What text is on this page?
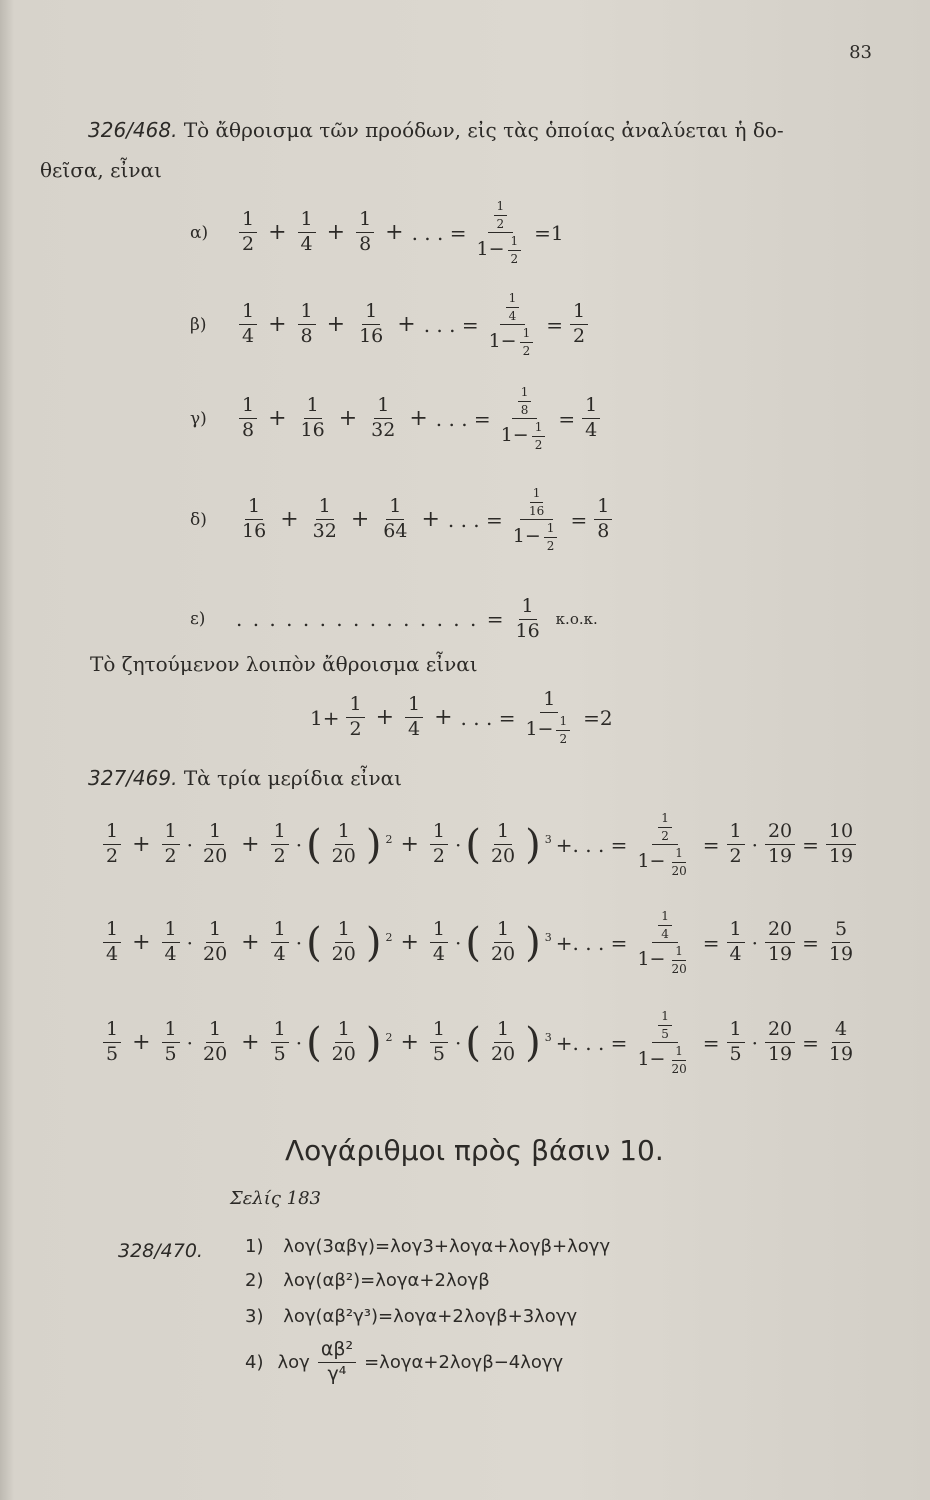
83
326/468. Τὸ ἄθροισμα τῶν προόδων, εἰς τὰς ὁποίας ἀναλύεται ἡ δο-
θεῖσα, εἶναι
α)
1
$2 + \frac{1}{4} + \frac{1}{8}$ + . . . = $\frac{\frac{1}{2}}{1- \frac{1}{2}} =1$
β)
1
$4 + \frac{1}{8} + \frac{1}{16}$ + . . . = $\frac{\frac{1}{4}}{1- \frac{1}{2}} = \frac{1}{2}$
γ)
1
$8 + \frac{1}{16} + \frac{1}{32}$ + . . . = $\frac{\frac{1}{8}}{1- \frac{1}{2}} = \frac{1}{4}$
δ)
1
$16 + \frac{1}{32} + \frac{1}{64}$ + . . . = $\frac{\frac{1}{16}}{1- \frac{1}{2}} = \frac{1}{8}$
ε)	. . . . . . . . . . . . . . . = $\frac{1}{16} \kappa.o.\kappa$.
Τὸ ζητούμενον λοιπὸν ἄθροισμα εἶναι
$1+ \frac{1}{2} + \frac{1}{4}$ + . . . = $\frac{1}{1- \frac{1}{2}} =2$
327/469. Τὰ τρία μερίδια εἶναι
1
$2 + \frac{1}{2}$ ·
1
$20 + \frac{1}{2}$ · ( 1
20 ) $2 + \frac{1}{2}$ · ( 1
20 ) 3 +. . . = $\frac{\frac{1}{2}}{1- \frac{1}{20}} = \frac{1}{2} \cdot \frac{20}{19} = \frac{10}{19}$
1
$4 + \frac{1}{4}$ ·
1
$20 + \frac{1}{4}$ · ( 1
20 ) $2 + \frac{1}{4}$ · ( 1
20 ) 3 +. . . = $\frac{\frac{1}{4}}{1- \frac{1}{20}} = \frac{1}{4} \cdot \frac{20}{19} = \frac{5}{19}$
1
$5 + \frac{1}{5}$ ·
1
$20 + \frac{1}{5}$ · ( 1
20 ) $2 + \frac{1}{5}$ · ( 1
20 ) 3 +. . . = $\frac{\frac{1}{5}}{1- \frac{1}{20}} = \frac{1}{5} \cdot \frac{20}{19} = \frac{4}{19}$
Λογάριθμοι πρὸς βάσιν 10.
Σελίς 183
328/470. 1) λογ(3αβγ)=λογ3+λογα+λογβ+λογγ
2) λογ(αβ²)=λογα+2λογβ
3) λογ(αβ²γ³)=λογα+2λογβ+3λογγ
4) λογ $\frac{\text{αβ²}}{\text{γ⁴}} =\lambda o\gamma\alpha+2\lambda o\gamma\beta-4\lambda o\gamma\gamma$
